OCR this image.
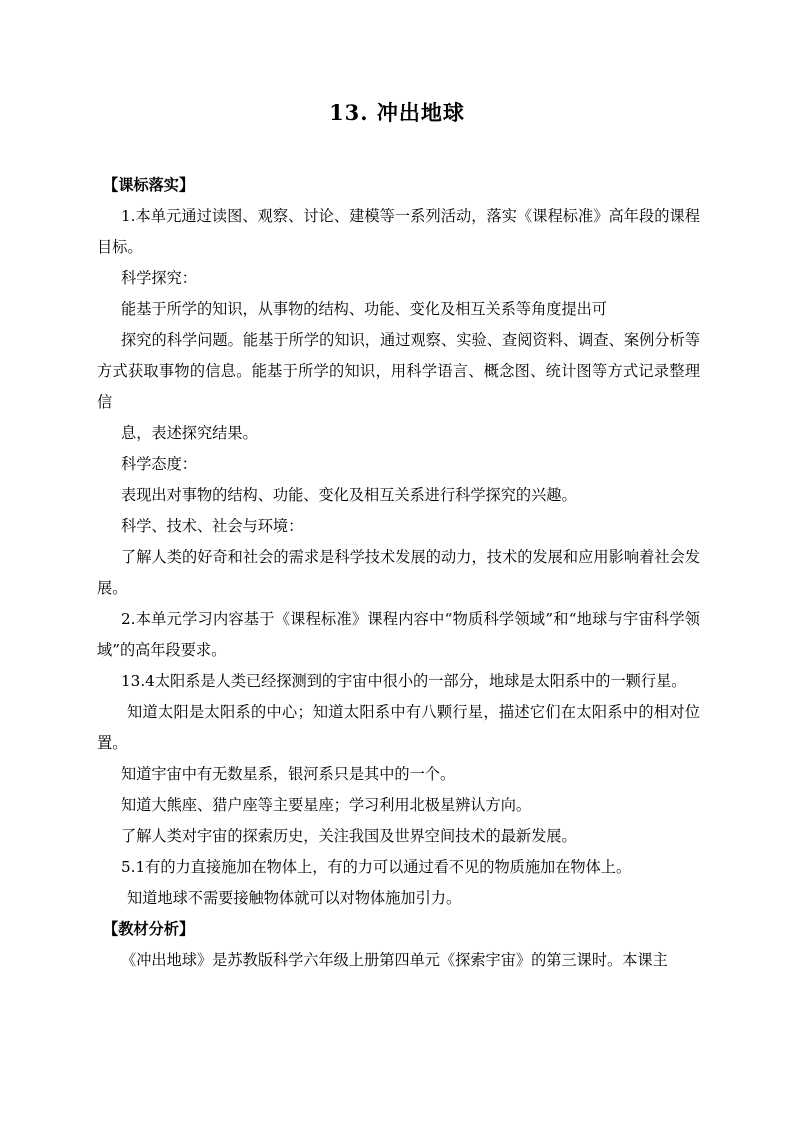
13. 冲出地球

【课标落实】

1.本单元通过读图、观察、讨论、建模等一系列活动，落实《课程标准》高年段的课程目标。

科学探究：

能基于所学的知识，从事物的结构、功能、变化及相互关系等角度提出可

探究的科学问题。能基于所学的知识，通过观察、实验、查阅资料、调查、案例分析等方式获取事物的信息。能基于所学的知识，用科学语言、概念图、统计图等方式记录整理信

息，表述探究结果。

科学态度：

表现出对事物的结构、功能、变化及相互关系进行科学探究的兴趣。

科学、技术、社会与环境：

了解人类的好奇和社会的需求是科学技术发展的动力，技术的发展和应用影响着社会发展。

2.本单元学习内容基于《课程标准》课程内容中“物质科学领域”和“地球与宇宙科学领域”的高年段要求。

13.4太阳系是人类已经探测到的宇宙中很小的一部分，地球是太阳系中的一颗行星。

知道太阳是太阳系的中心；知道太阳系中有八颗行星，描述它们在太阳系中的相对位置。

知道宇宙中有无数星系，银河系只是其中的一个。

知道大熊座、猎户座等主要星座；学习利用北极星辨认方向。

了解人类对宇宙的探索历史，关注我国及世界空间技术的最新发展。

5.1有的力直接施加在物体上，有的力可以通过看不见的物质施加在物体上。

知道地球不需要接触物体就可以对物体施加引力。

【教材分析】

《冲出地球》是苏教版科学六年级上册第四单元《探索宇宙》的第三课时。本课主
